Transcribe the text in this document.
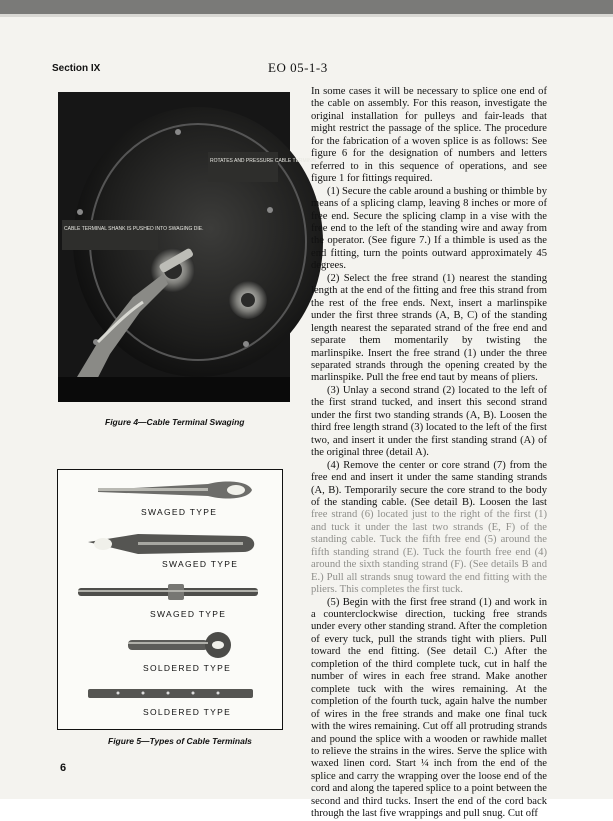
Section IX	EO 05-1-3
ROTATES AND PRESSURE CABLE TERMINAL
CABLE TERMINAL SHANK IS PUSHED INTO SWAGING DIE.
Figure 4—Cable Terminal Swaging
SWAGED TYPE
SWAGED TYPE
SWAGED TYPE
SOLDERED TYPE
SOLDERED TYPE
Figure 5—Types of Cable Terminals

In some cases it will be necessary to splice one end of the cable on assembly. For this reason, investigate the original installation for pulleys and fair-leads that might restrict the passage of the splice. The procedure for the fabrication of a woven splice is as follows: See figure 6 for the designation of numbers and letters referred to in this sequence of operations, and see figure 1 for fittings required.

(1) Secure the cable around a bushing or thimble by means of a splicing clamp, leaving 8 inches or more of free end. Secure the splicing clamp in a vise with the free end to the left of the standing wire and away from the operator. (See figure 7.) If a thimble is used as the end fitting, turn the points outward approximately 45 degrees.

(2) Select the free strand (1) nearest the standing length at the end of the fitting and free this strand from the rest of the free ends. Next, insert a marlinspike under the first three strands (A, B, C) of the standing length nearest the separated strand of the free end and separate them momentarily by twisting the marlinspike. Insert the free strand (1) under the three separated strands through the opening created by the marlinspike. Pull the free end taut by means of pliers.

(3) Unlay a second strand (2) located to the left of the first strand tucked, and insert this second strand under the first two standing strands (A, B). Loosen the third free length strand (3) located to the left of the first two, and insert it under the first standing strand (A) of the original three (detail A).

(4) Remove the center or core strand (7) from the free end and insert it under the same standing strands (A, B). Temporarily secure the core strand to the body of the standing cable. (See detail B). Loosen the last free strand (6) located just to the right of the first (1) and tuck it under the last two strands (E, F) of the standing cable. Tuck the fifth free end (5) around the fifth standing strand (E). Tuck the fourth free end (4) around the sixth standing strand (F). (See details B and E.) Pull all strands snug toward the end fitting with the pliers. This completes the first tuck.

(5) Begin with the first free strand (1) and work in a counterclockwise direction, tucking free strands under every other standing strand. After the completion of every tuck, pull the strands tight with pliers. Pull toward the end fitting. (See detail C.) After the completion of the third complete tuck, cut in half the number of wires in each free strand. Make another complete tuck with the wires remaining. At the completion of the fourth tuck, again halve the number of wires in the free strands and make one final tuck with the wires remaining. Cut off all protruding strands and pound the splice with a wooden or rawhide mallet to relieve the strains in the wires. Serve the splice with waxed linen cord. Start ¼ inch from the end of the splice and carry the wrapping over the loose end of the cord and along the tapered splice to a point between the second and third tucks. Insert the end of the cord back through the last five wrappings and pull snug. Cut off

6
